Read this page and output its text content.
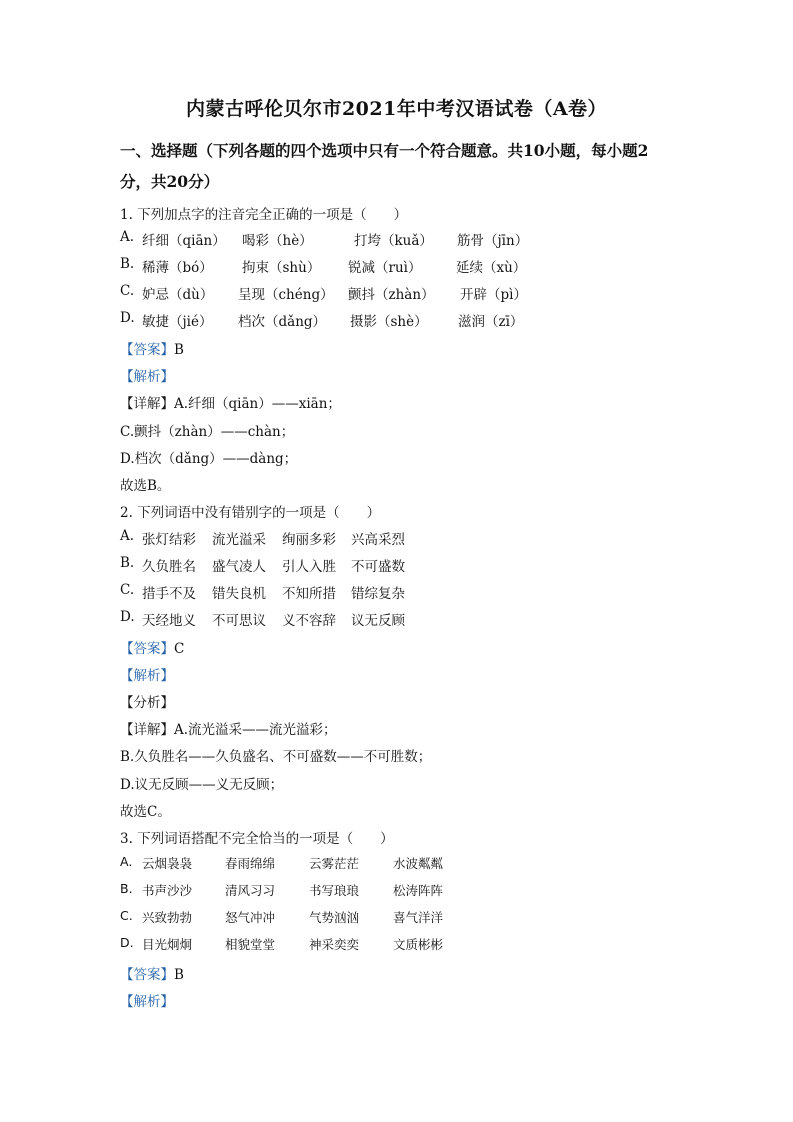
内蒙古呼伦贝尔市2021年中考汉语试卷（A卷）
一、选择题（下列各题的四个选项中只有一个符合题意。共10小题，每小题2
分，共20分）
1. 下列加点字的注音完全正确的一项是（　　）
A. 纤细（qiān） 喝彩（hè）	打垮（kuǎ） 筋骨（jīn）
B. 稀薄（bó） 拘束（shù） 锐减（ruì）	延续（xù）
C. 妒忌（dù） 呈现（chéng） 颤抖（zhàn） 开辟（pì）
D. 敏捷（jié） 档次（dǎng） 摄影（shè） 滋润（zī）
【答案】B
【解析】
【详解】A.纤细（qiān）——xiān；
C.颤抖（zhàn）——chàn；
D.档次（dǎng）——dàng；
故选B。
2. 下列词语中没有错别字的一项是（　　）
A. 张灯结彩 流光溢采 绚丽多彩 兴高采烈
B. 久负胜名 盛气凌人 引人入胜 不可盛数
C. 措手不及 错失良机 不知所措 错综复杂
D. 天经地义 不可思议 义不容辞 议无反顾
【答案】C
【解析】
【分析】
【详解】A.流光溢采——流光溢彩；
B.久负胜名——久负盛名、不可盛数——不可胜数；
D.议无反顾——义无反顾；
故选C。
3. 下列词语搭配不完全恰当的一项是（　　）
A. 云烟袅袅	春雨绵绵	云雾茫茫	水波粼粼
B. 书声沙沙	清风习习	书写琅琅	松涛阵阵
C. 兴致勃勃	怒气冲冲	气势汹汹	喜气洋洋
D. 目光炯炯	相貌堂堂	神采奕奕	文质彬彬
【答案】B
【解析】
